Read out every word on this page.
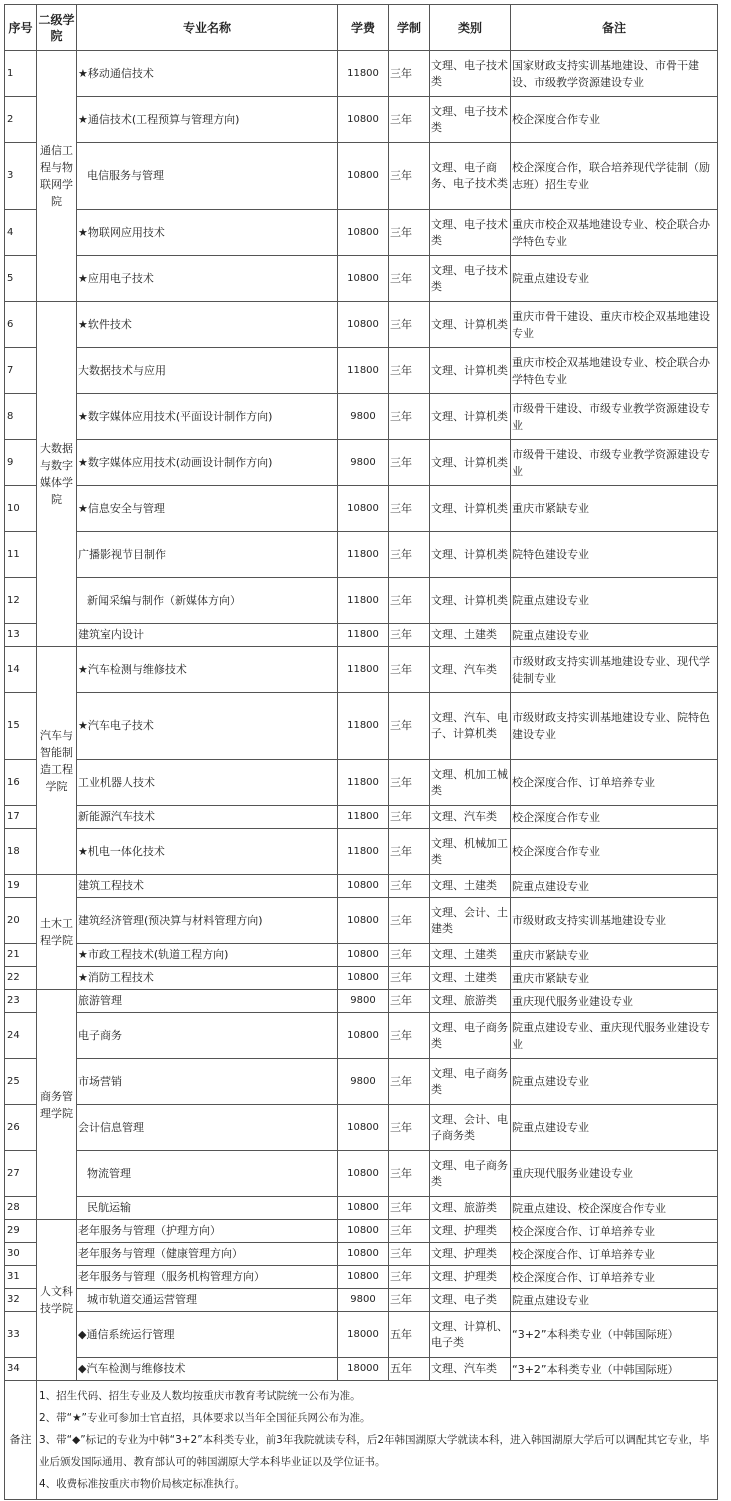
序号	二级学院	专业名称	学费	学制	类别	备注
1	通信工程与物联网学院	★移动通信技术	11800	三年	文理、电子技术类	国家财政支持实训基地建设、市骨干建设、市级教学资源建设专业
2		★通信技术(工程预算与管理方向)	10800	三年	文理、电子技术类	校企深度合作专业
3		电信服务与管理	10800	三年	文理、电子商务、电子技术类	校企深度合作，联合培养现代学徒制（励志班）招生专业
4		★物联网应用技术	10800	三年	文理、电子技术类	重庆市校企双基地建设专业、校企联合办学特色专业
5		★应用电子技术	10800	三年	文理、电子技术类	院重点建设专业
6	大数据与数字媒体学院	★软件技术	10800	三年	文理、计算机类	重庆市骨干建设、重庆市校企双基地建设专业
7		大数据技术与应用	11800	三年	文理、计算机类	重庆市校企双基地建设专业、校企联合办学特色专业
8		★数字媒体应用技术(平面设计制作方向)	9800	三年	文理、计算机类	市级骨干建设、市级专业教学资源建设专业
9		★数字媒体应用技术(动画设计制作方向)	9800	三年	文理、计算机类	市级骨干建设、市级专业教学资源建设专业
10		★信息安全与管理	10800	三年	文理、计算机类	重庆市紧缺专业
11		广播影视节目制作	11800	三年	文理、计算机类	院特色建设专业
12		新闻采编与制作（新媒体方向）	11800	三年	文理、计算机类	院重点建设专业
13		建筑室内设计	11800	三年	文理、土建类	院重点建设专业
14	汽车与智能制造工程学院	★汽车检测与维修技术	11800	三年	文理、汽车类	市级财政支持实训基地建设专业、现代学徒制专业
15		★汽车电子技术	11800	三年	文理、汽车、电子、计算机类	市级财政支持实训基地建设专业、院特色建设专业
16		工业机器人技术	11800	三年	文理、机加工械类	校企深度合作、订单培养专业
17		新能源汽车技术	11800	三年	文理、汽车类	校企深度合作专业
18		★机电一体化技术	11800	三年	文理、机械加工类	校企深度合作专业
19	土木工程学院	建筑工程技术	10800	三年	文理、土建类	院重点建设专业
20		建筑经济管理(预决算与材料管理方向)	10800	三年	文理、会计、土建类	市级财政支持实训基地建设专业
21		★市政工程技术(轨道工程方向)	10800	三年	文理、土建类	重庆市紧缺专业
22		★消防工程技术	10800	三年	文理、土建类	重庆市紧缺专业
23	商务管理学院	旅游管理	9800	三年	文理、旅游类	重庆现代服务业建设专业
24		电子商务	10800	三年	文理、电子商务类	院重点建设专业、重庆现代服务业建设专业
25		市场营销	9800	三年	文理、电子商务类	院重点建设专业
26		会计信息管理	10800	三年	文理、会计、电子商务类	院重点建设专业
27		物流管理	10800	三年	文理、电子商务类	重庆现代服务业建设专业
28		民航运输	10800	三年	文理、旅游类	院重点建设、校企深度合作专业
29	人文科技学院	老年服务与管理（护理方向）	10800	三年	文理、护理类	校企深度合作、订单培养专业
30		老年服务与管理（健康管理方向）	10800	三年	文理、护理类	校企深度合作、订单培养专业
31		老年服务与管理（服务机构管理方向）	10800	三年	文理、护理类	校企深度合作、订单培养专业
32		城市轨道交通运营管理	9800	三年	文理、电子类	院重点建设专业
33		◆通信系统运行管理	18000	五年	文理、计算机、电子类	“3+2”本科类专业（中韩国际班）
34		◆汽车检测与维修技术	18000	五年	文理、汽车类	“3+2”本科类专业（中韩国际班）
备注	1、招生代码、招生专业及人数均按重庆市教育考试院统一公布为准。
2、带“★”专业可参加士官直招，具体要求以当年全国征兵网公布为准。
3、带“◆”标记的专业为中韩“3+2”本科类专业，前3年我院就读专科，后2年韩国湖原大学就读本科，进入韩国湖原大学后可以调配其它专业，毕业后颁发国际通用、教育部认可的韩国湖原大学本科毕业证以及学位证书。
4、收费标准按重庆市物价局核定标准执行。					
